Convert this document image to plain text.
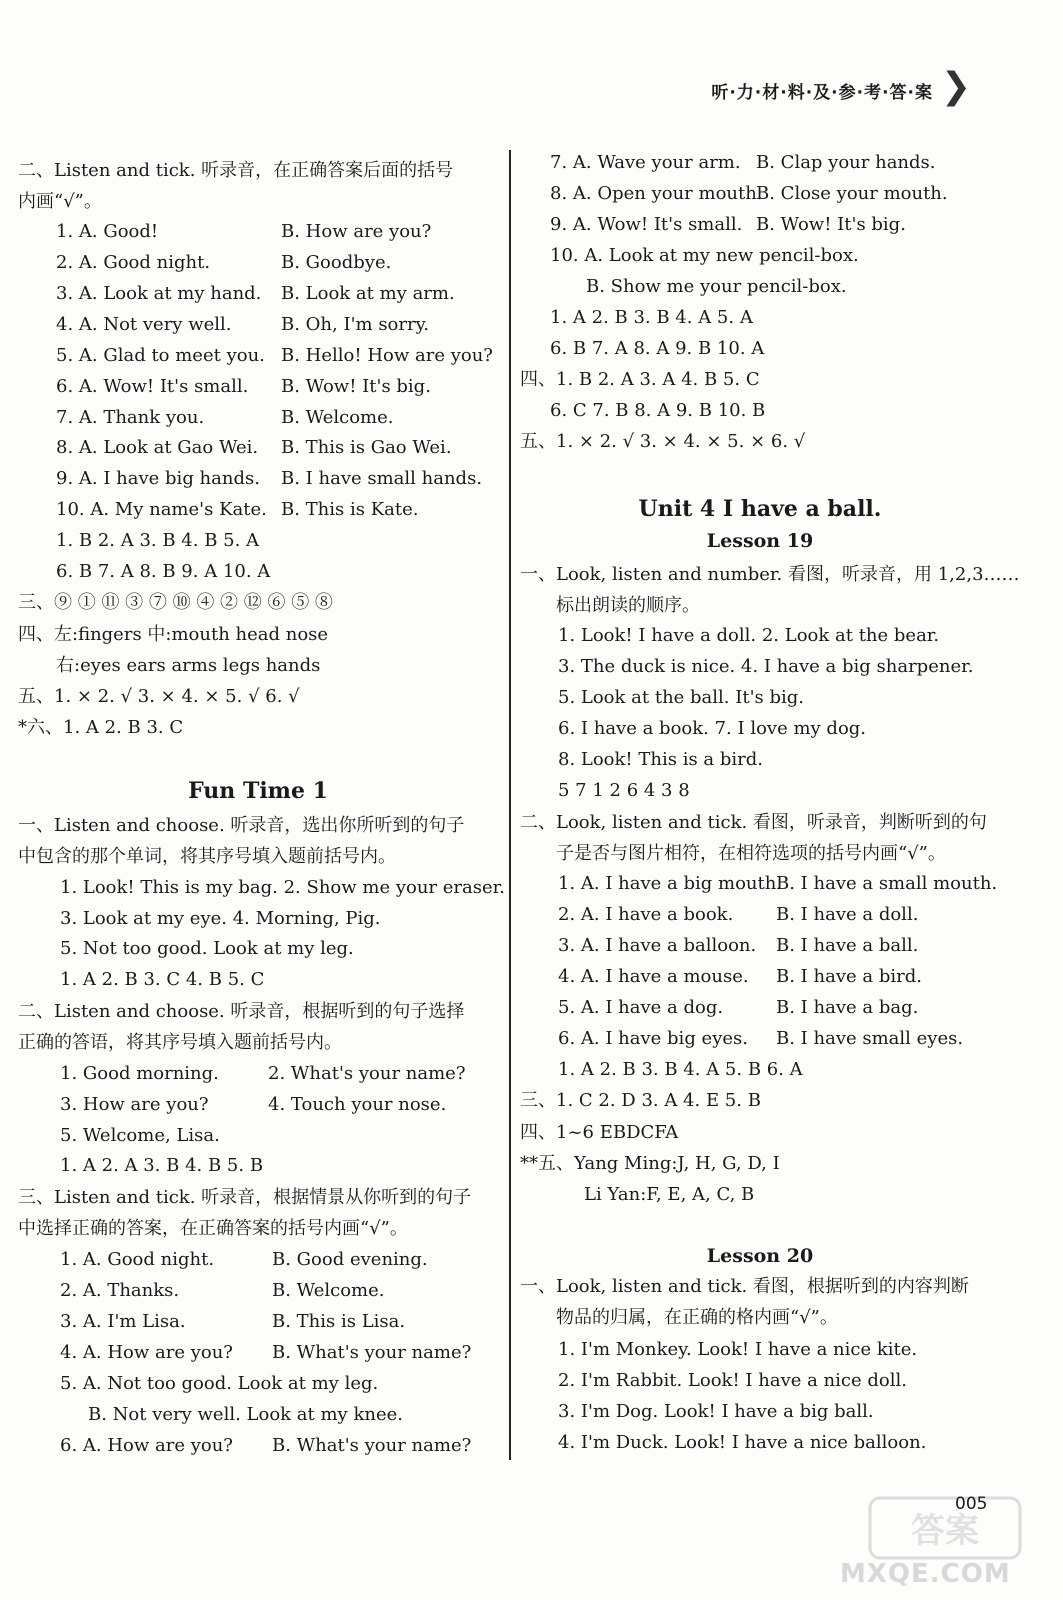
听·力·材·料·及·参·考·答·案 ❯
二、Listen and tick. 听录音，在正确答案后面的括号
内画“√”。
1. A. Good!	B. How are you?
2. A. Good night.	B. Goodbye.
3. A. Look at my hand. B. Look at my arm.
4. A. Not very well.	B. Oh, I'm sorry.
5. A. Glad to meet you. B. Hello! How are you?
6. A. Wow! It's small. B. Wow! It's big.
7. A. Thank you.	B. Welcome.
8. A. Look at Gao Wei. B. This is Gao Wei.
9. A. I have big hands. B. I have small hands.
10. A. My name's Kate. B. This is Kate.
1. B 2. A 3. B 4. B 5. A
6. B 7. A 8. B 9. A 10. A
三、⑨ ① ⑪ ③ ⑦ ⑩ ④ ② ⑫ ⑥ ⑤ ⑧
四、左:fingers 中:mouth head nose
右:eyes ears arms legs hands
五、1. × 2. √ 3. × 4. × 5. √ 6. √
*六、1. A 2. B 3. C
Fun Time 1
一、Listen and choose. 听录音，选出你所听到的句子
中包含的那个单词，将其序号填入题前括号内。
1. Look! This is my bag. 2. Show me your eraser.
3. Look at my eye. 4. Morning, Pig.
5. Not too good. Look at my leg.
1. A 2. B 3. C 4. B 5. C
二、Listen and choose. 听录音，根据听到的句子选择
正确的答语，将其序号填入题前括号内。
1. Good morning.	2. What's your name?
3. How are you?	4. Touch your nose.
5. Welcome, Lisa.
1. A 2. A 3. B 4. B 5. B
三、Listen and tick. 听录音，根据情景从你听到的句子
中选择正确的答案，在正确答案的括号内画“√”。
1. A. Good night.	B. Good evening.
2. A. Thanks.	B. Welcome.
3. A. I'm Lisa.	B. This is Lisa.
4. A. How are you? B. What's your name?
5. A. Not too good. Look at my leg.
B. Not very well. Look at my knee.
6. A. How are you? B. What's your name?
7. A. Wave your arm. B. Clap your hands.
8. A. Open your mouth.
B. Close your mouth.
9. A. Wow! It's small. B. Wow! It's big.
10. A. Look at my new pencil-box.
B. Show me your pencil-box.
1. A 2. B 3. B 4. A 5. A
6. B 7. A 8. A 9. B 10. A
四、1. B 2. A 3. A 4. B 5. C
6. C 7. B 8. A 9. B 10. B
五、1. × 2. √ 3. × 4. × 5. × 6. √
Unit 4 I have a ball.
Lesson 19
一、Look, listen and number. 看图，听录音，用 1,2,3……
标出朗读的顺序。
1. Look! I have a doll. 2. Look at the bear.
3. The duck is nice. 4. I have a big sharpener.
5. Look at the ball. It's big.
6. I have a book. 7. I love my dog.
8. Look! This is a bird.
5 7 1 2 6 4 3 8
二、Look, listen and tick. 看图，听录音，判断听到的句
子是否与图片相符，在相符选项的括号内画“√”。
1. A. I have a big mouth.
B. I have a small mouth.
2. A. I have a book. B. I have a doll.
3. A. I have a balloon. B. I have a ball.
4. A. I have a mouse. B. I have a bird.
5. A. I have a dog.	B. I have a bag.
6. A. I have big eyes. B. I have small eyes.
1. A 2. B 3. B 4. A 5. B 6. A
三、1. C 2. D 3. A 4. E 5. B
四、1~6 EBDCFA
**五、Yang Ming:J, H, G, D, I
Li Yan:F, E, A, C, B
Lesson 20
一、Look, listen and tick. 看图，根据听到的内容判断
物品的归属，在正确的格内画“√”。
1. I'm Monkey. Look! I have a nice kite.
2. I'm Rabbit. Look! I have a nice doll.
3. I'm Dog. Look! I have a big ball.
4. I'm Duck. Look! I have a nice balloon.
答案
MXQE.COM
005
